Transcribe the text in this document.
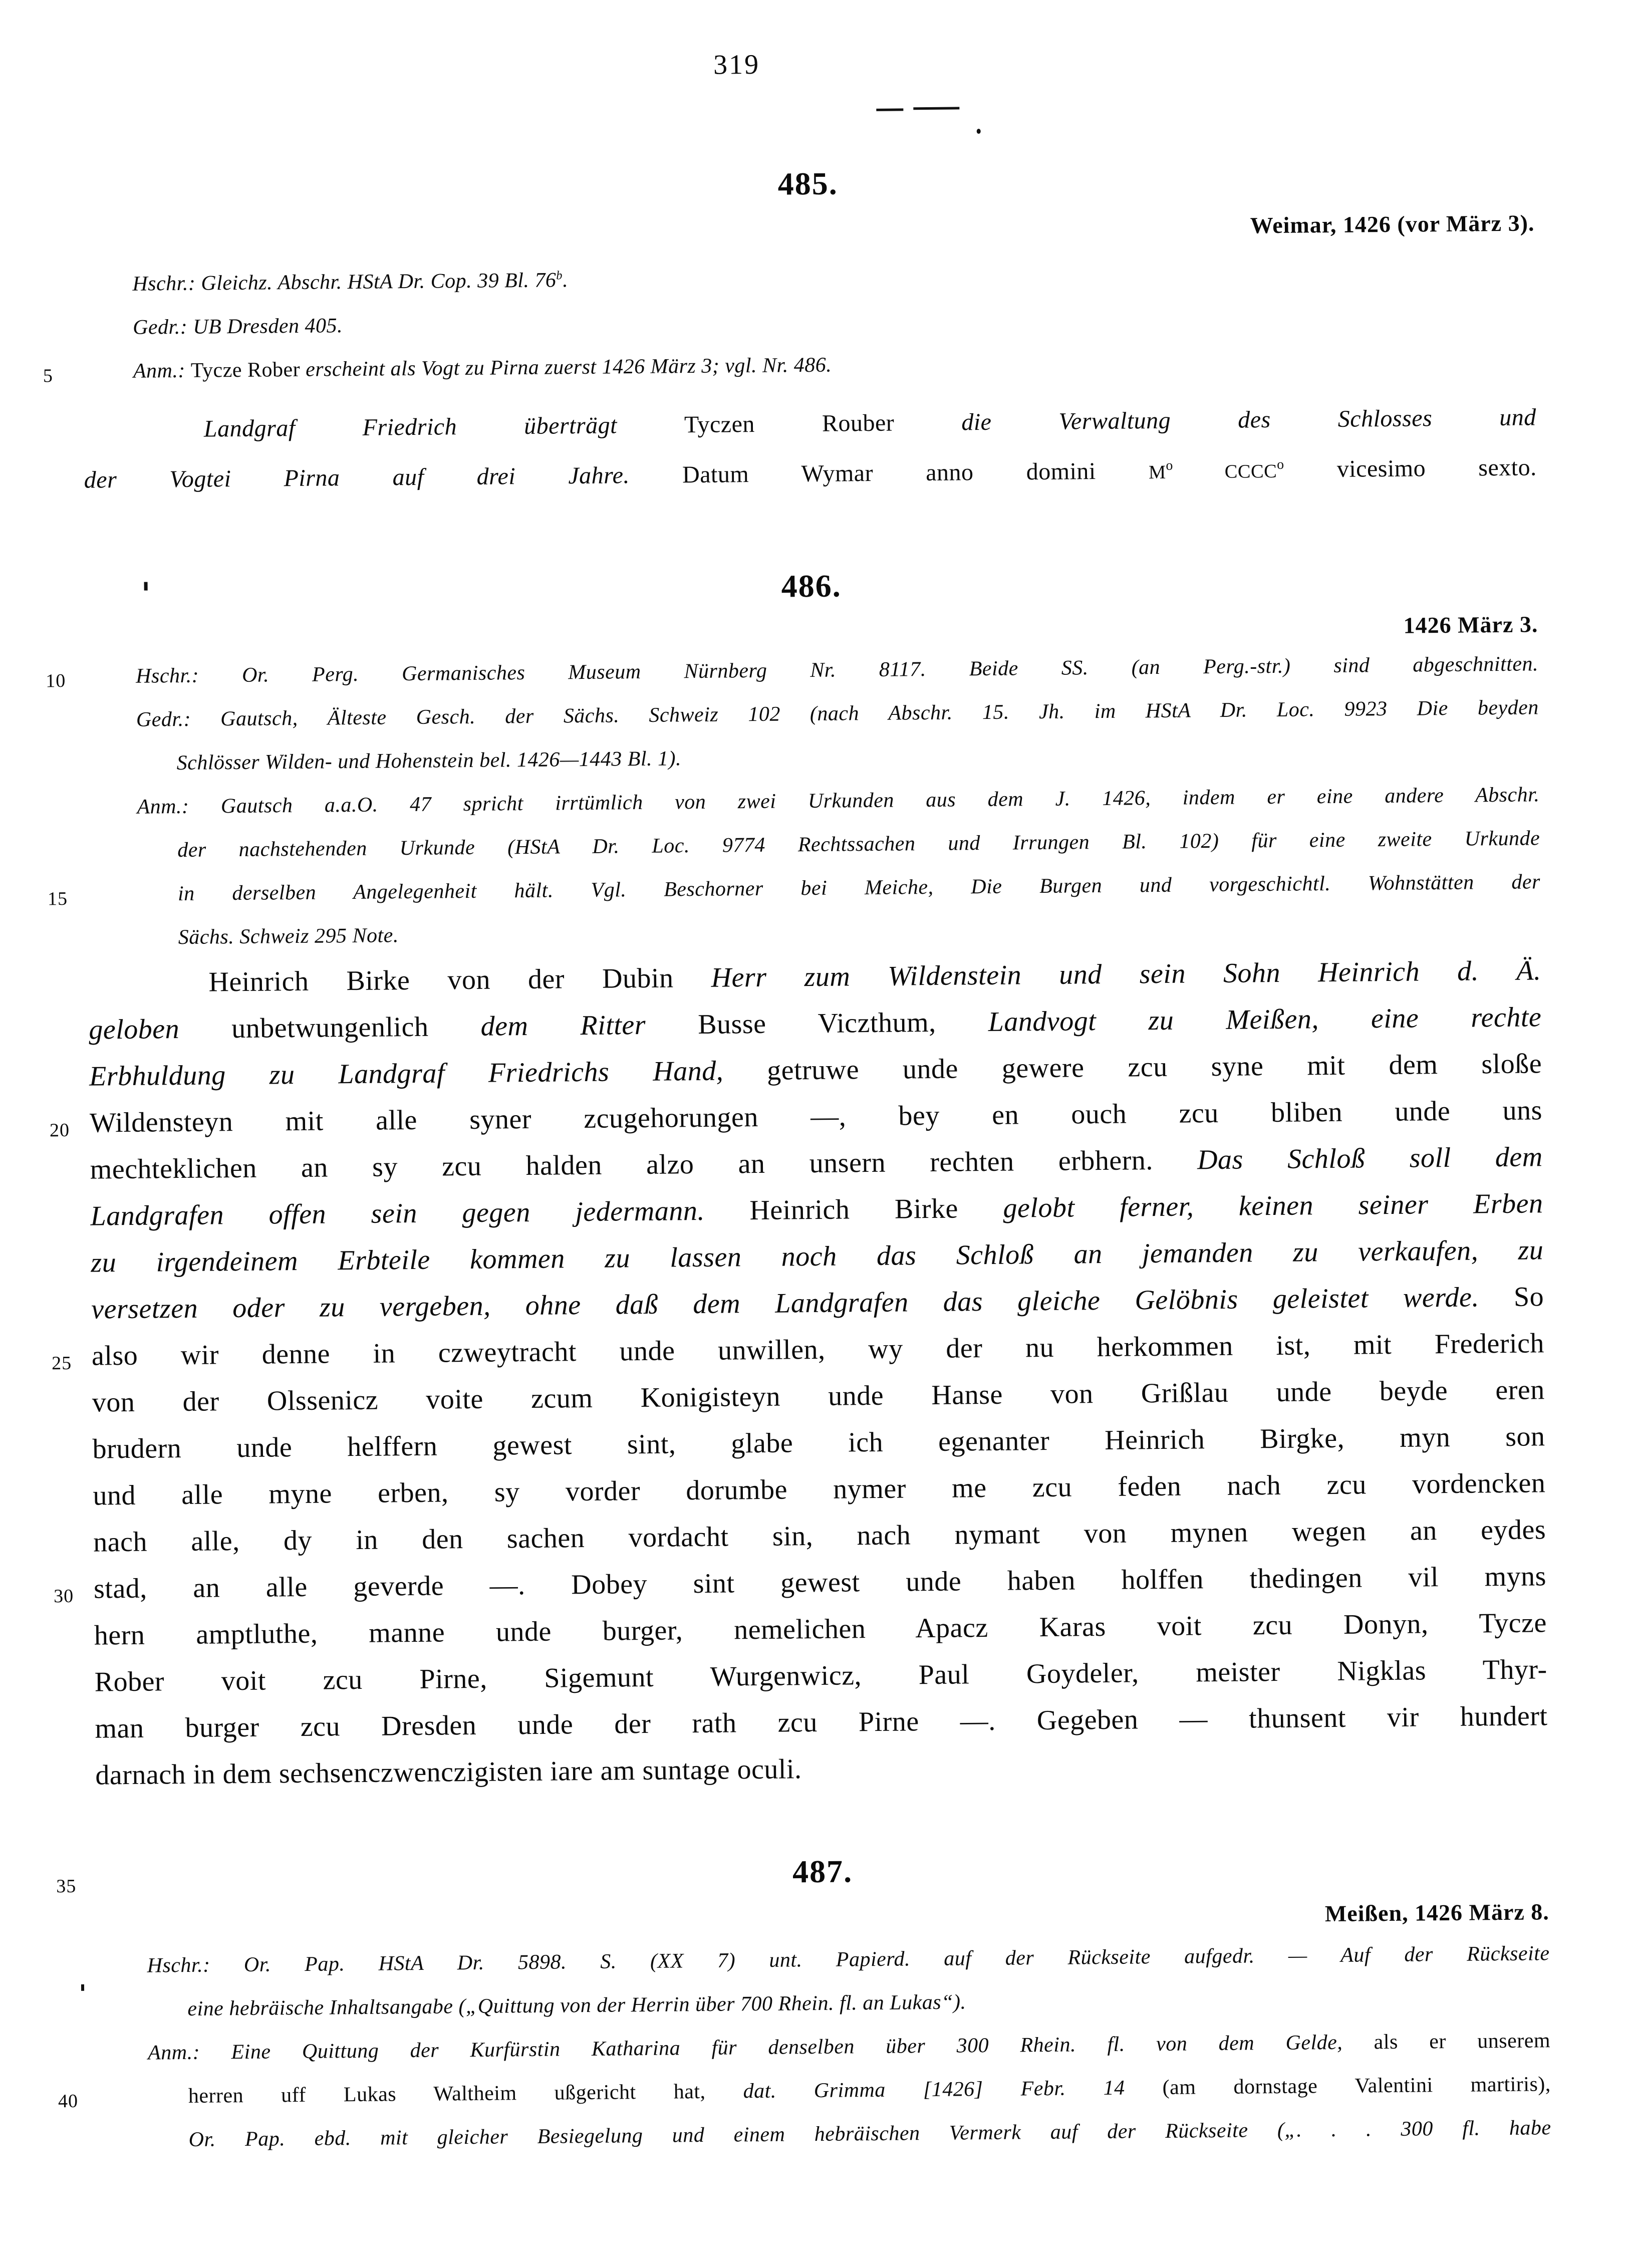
319
485.
Weimar, 1426 (vor März 3).
Hschr.: Gleichz. Abschr. HStA Dr. Cop. 39 Bl. 76$^b$.
Gedr.: UB Dresden 405.
5	Anm.: Tycze Rober erscheint als Vogt zu Pirna zuerst 1426 März 3; vgl. Nr. 486.
Landgraf Friedrich überträgt Tyczen Rouber die Verwaltung des Schlosses und
der Vogtei Pirna auf drei Jahre. Datum Wymar anno domini $M^o$ CCCC$^o$ vicesimo sexto.
486.
1426 März 3.
10	Hschr.: Or. Perg. Germanisches Museum Nürnberg Nr. 8117. Beide SS. (an Perg.-str.) sind abgeschnitten.
Gedr.: Gautsch, Älteste Gesch. der Sächs. Schweiz 102 (nach Abschr. 15. Jh. im HStA Dr. Loc. 9923 Die beyden
Schlösser Wilden- und Hohenstein bel. 1426—1443 Bl. 1).
Anm.: Gautsch a.a.O. 47 spricht irrtümlich von zwei Urkunden aus dem J. 1426, indem er eine andere Abschr.
der nachstehenden Urkunde (HStA Dr. Loc. 9774 Rechtssachen und Irrungen Bl. 102) für eine zweite Urkunde
15	in derselben Angelegenheit hält. Vgl. Beschorner bei Meiche, Die Burgen und vorgeschichtl. Wohnstätten der
Sächs. Schweiz 295 Note.
Heinrich Birke von der Dubin Herr zum Wildenstein und sein Sohn Heinrich d. Ä.
geloben unbetwungenlich dem Ritter Busse Viczthum, Landvogt zu Meißen, eine rechte
Erbhuldung zu Landgraf Friedrichs Hand, getruwe unde gewere zcu syne mit dem sloße
20 Wildensteyn mit alle syner zcugehorungen —, bey en ouch zcu bliben unde uns
mechteklichen an sy zcu halden alzo an unsern rechten erbhern. Das Schloß soll dem
Landgrafen offen sein gegen jedermann. Heinrich Birke gelobt ferner, keinen seiner Erben
zu irgendeinem Erbteile kommen zu lassen noch das Schloß an jemanden zu verkaufen, zu
versetzen oder zu vergeben, ohne daß dem Landgrafen das gleiche Gelöbnis geleistet werde. So
25 also wir denne in czweytracht unde unwillen, wy der nu herkommen ist, mit Frederich
von der Olssenicz voite zcum Konigisteyn unde Hanse von Grißlau unde beyde eren
brudern unde helffern gewest sint, glabe ich egenanter Heinrich Birgke, myn son
und alle myne erben, sy vorder dorumbe nymer me zcu feden nach zcu vordencken
nach alle, dy in den sachen vordacht sin, nach nymant von mynen wegen an eydes
30 stad, an alle geverde —. Dobey sint gewest unde haben holffen thedingen vil myns
hern amptluthe, manne unde burger, nemelichen Apacz Karas voit zcu Donyn, Tycze
Rober voit zcu Pirne, Sigemunt Wurgenwicz, Paul Goydeler, meister Nigklas Thyr-
man burger zcu Dresden unde der rath zcu Pirne —. Gegeben — thunsent vir hundert
darnach in dem sechsenczwenczigisten iare am suntage oculi.
35	487.
Meißen, 1426 März 8.
Hschr.: Or. Pap. HStA Dr. 5898. S. (XX 7) unt. Papierd. auf der Rückseite aufgedr. — Auf der Rückseite
eine hebräische Inhaltsangabe („Quittung von der Herrin über 700 Rhein. fl. an Lukas“).
Anm.: Eine Quittung der Kurfürstin Katharina für denselben über 300 Rhein. fl. von dem Gelde, als er unserem
40	herren uff Lukas Waltheim ußgericht hat, dat. Grimma [1426] Febr. 14 (am dornstage Valentini martiris),
Or. Pap. ebd. mit gleicher Besiegelung und einem hebräischen Vermerk auf der Rückseite („. . . 300 fl. habe
